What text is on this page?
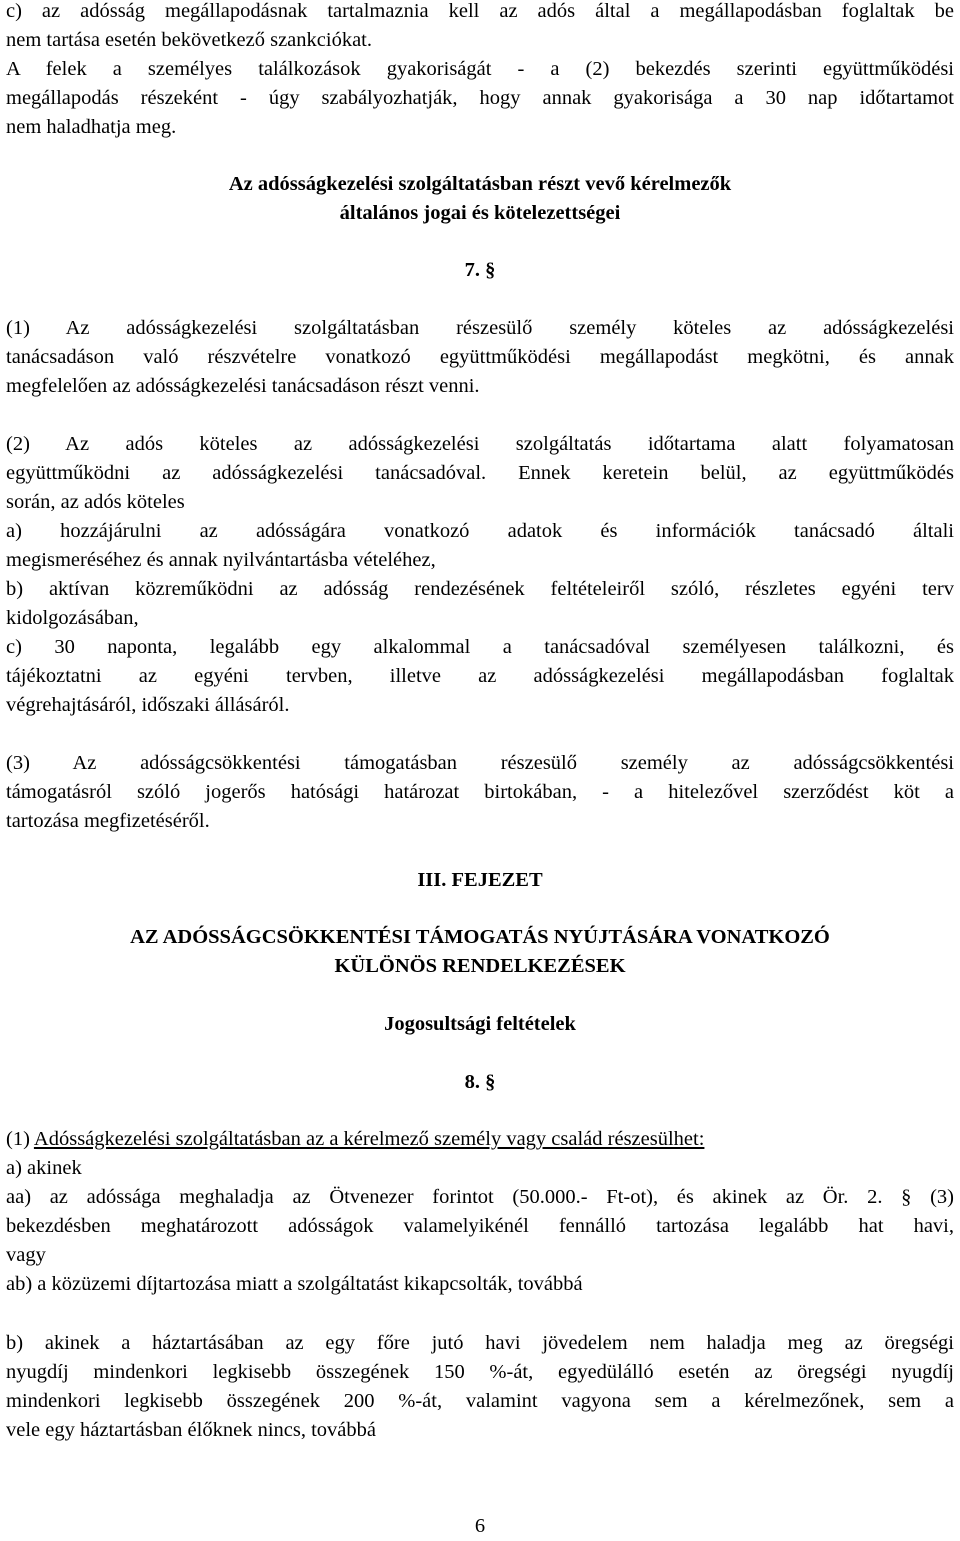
c) az adósság megállapodásnak tartalmaznia kell az adós által a megállapodásban foglaltak be
nem tartása esetén bekövetkező szankciókat.
A felek a személyes találkozások gyakoriságát - a (2) bekezdés szerinti együttműködési
megállapodás részeként - úgy szabályozhatják, hogy annak gyakorisága a 30 nap időtartamot
nem haladhatja meg.
Az adósságkezelési szolgáltatásban részt vevő kérelmezők
általános jogai és kötelezettségei
7. §
(1) Az adósságkezelési szolgáltatásban részesülő személy köteles az adósságkezelési
tanácsadáson való részvételre vonatkozó együttműködési megállapodást megkötni, és annak
megfelelően az adósságkezelési tanácsadáson részt venni.
(2) Az adós köteles az adósságkezelési szolgáltatás időtartama alatt folyamatosan
együttműködni az adósságkezelési tanácsadóval. Ennek keretein belül, az együttműködés
során, az adós köteles
a) hozzájárulni az adósságára vonatkozó adatok és információk tanácsadó általi
megismeréséhez és annak nyilvántartásba vételéhez,
b) aktívan közreműködni az adósság rendezésének feltételeiről szóló, részletes egyéni terv
kidolgozásában,
c) 30 naponta, legalább egy alkalommal a tanácsadóval személyesen találkozni, és
tájékoztatni az egyéni tervben, illetve az adósságkezelési megállapodásban foglaltak
végrehajtásáról, időszaki állásáról.
(3) Az adósságcsökkentési támogatásban részesülő személy az adósságcsökkentési
támogatásról szóló jogerős hatósági határozat birtokában, - a hitelezővel szerződést köt a
tartozása megfizetéséről.
III. FEJEZET
AZ ADÓSSÁGCSÖKKENTÉSI TÁMOGATÁS NYÚJTÁSÁRA VONATKOZÓ
KÜLÖNÖS RENDELKEZÉSEK
Jogosultsági feltételek
8. §
(1) Adósságkezelési szolgáltatásban az a kérelmező személy vagy család részesülhet:
a) akinek
aa) az adóssága meghaladja az Ötvenezer forintot (50.000.- Ft-ot), és akinek az Ör. 2. § (3)
bekezdésben meghatározott adósságok valamelyikénél fennálló tartozása legalább hat havi,
vagy
ab) a közüzemi díjtartozása miatt a szolgáltatást kikapcsolták, továbbá
b) akinek a háztartásában az egy főre jutó havi jövedelem nem haladja meg az öregségi
nyugdíj mindenkori legkisebb összegének 150 %-át, egyedülálló esetén az öregségi nyugdíj
mindenkori legkisebb összegének 200 %-át, valamint vagyona sem a kérelmezőnek, sem a
vele egy háztartásban élőknek nincs, továbbá
6
